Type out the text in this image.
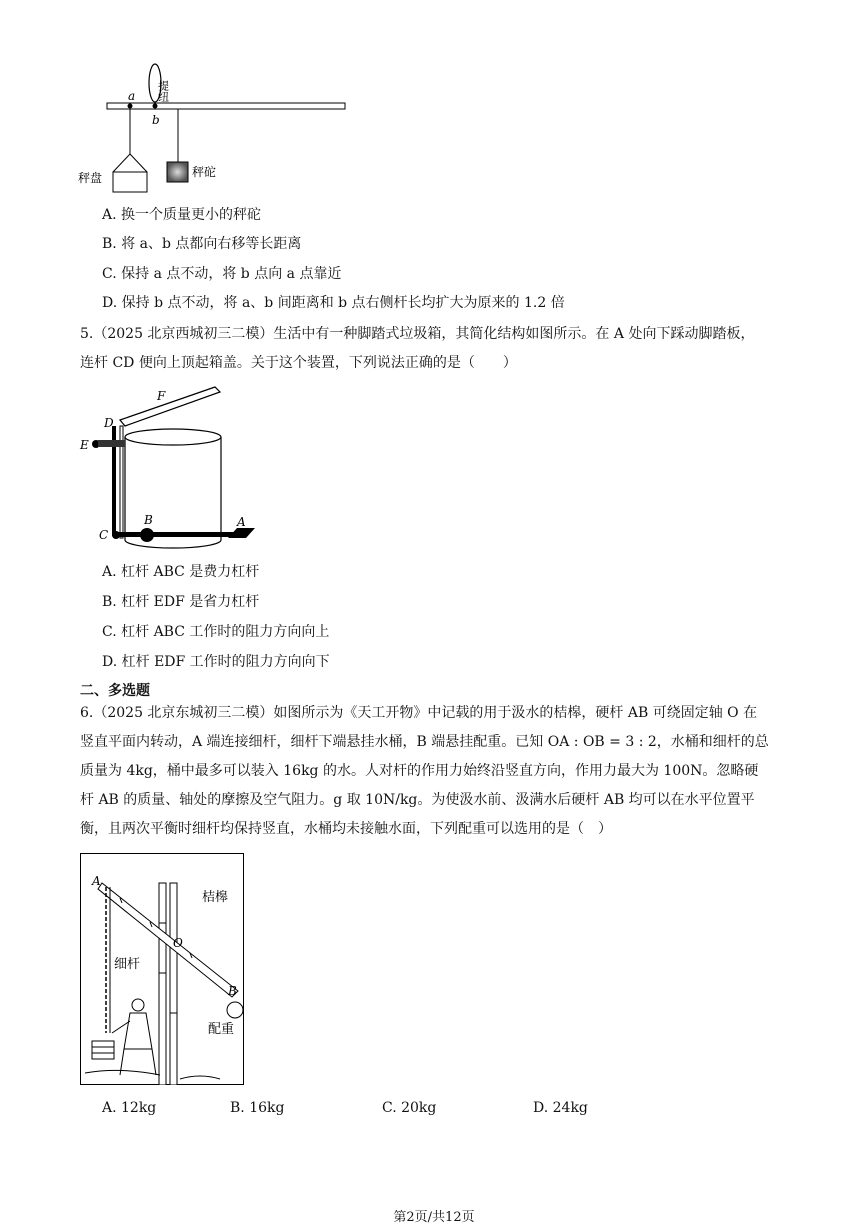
a
b
提纽
秤盘	秤砣
A. 换一个质量更小的秤砣
B. 将 a、b 点都向右移等长距离
C. 保持 a 点不动，将 b 点向 a 点靠近
D. 保持 b 点不动，将 a、b 间距离和 b 点右侧杆长均扩大为原来的 1.2 倍
5.（2025 北京西城初三二模）生活中有一种脚踏式垃圾箱，其简化结构如图所示。在 A 处向下踩动脚踏板，
连杆 CD 便向上顶起箱盖。关于这个装置，下列说法正确的是（　　）
F
D
E
C
B	A
A. 杠杆 ABC 是费力杠杆
B. 杠杆 EDF 是省力杠杆
C. 杠杆 ABC 工作时的阻力方向向上
D. 杠杆 EDF 工作时的阻力方向向下
二、多选题
6.（2025 北京东城初三二模）如图所示为《天工开物》中记载的用于汲水的桔槔，硬杆 AB 可绕固定轴 O 在
竖直平面内转动，A 端连接细杆，细杆下端悬挂水桶，B 端悬挂配重。已知 OA : OB = 3 : 2，水桶和细杆的总
质量为 4kg，桶中最多可以装入 16kg 的水。人对杆的作用力始终沿竖直方向，作用力最大为 100N。忽略硬
杆 AB 的质量、轴处的摩擦及空气阻力。g 取 10N/kg。为使汲水前、汲满水后硬杆 AB 均可以在水平位置平
衡，且两次平衡时细杆均保持竖直，水桶均未接触水面，下列配重可以选用的是（　）
A
O
B
配重
桔槔
细杆
A. 12kg	B. 16kg	C. 20kg	D. 24kg
第2页/共12页
